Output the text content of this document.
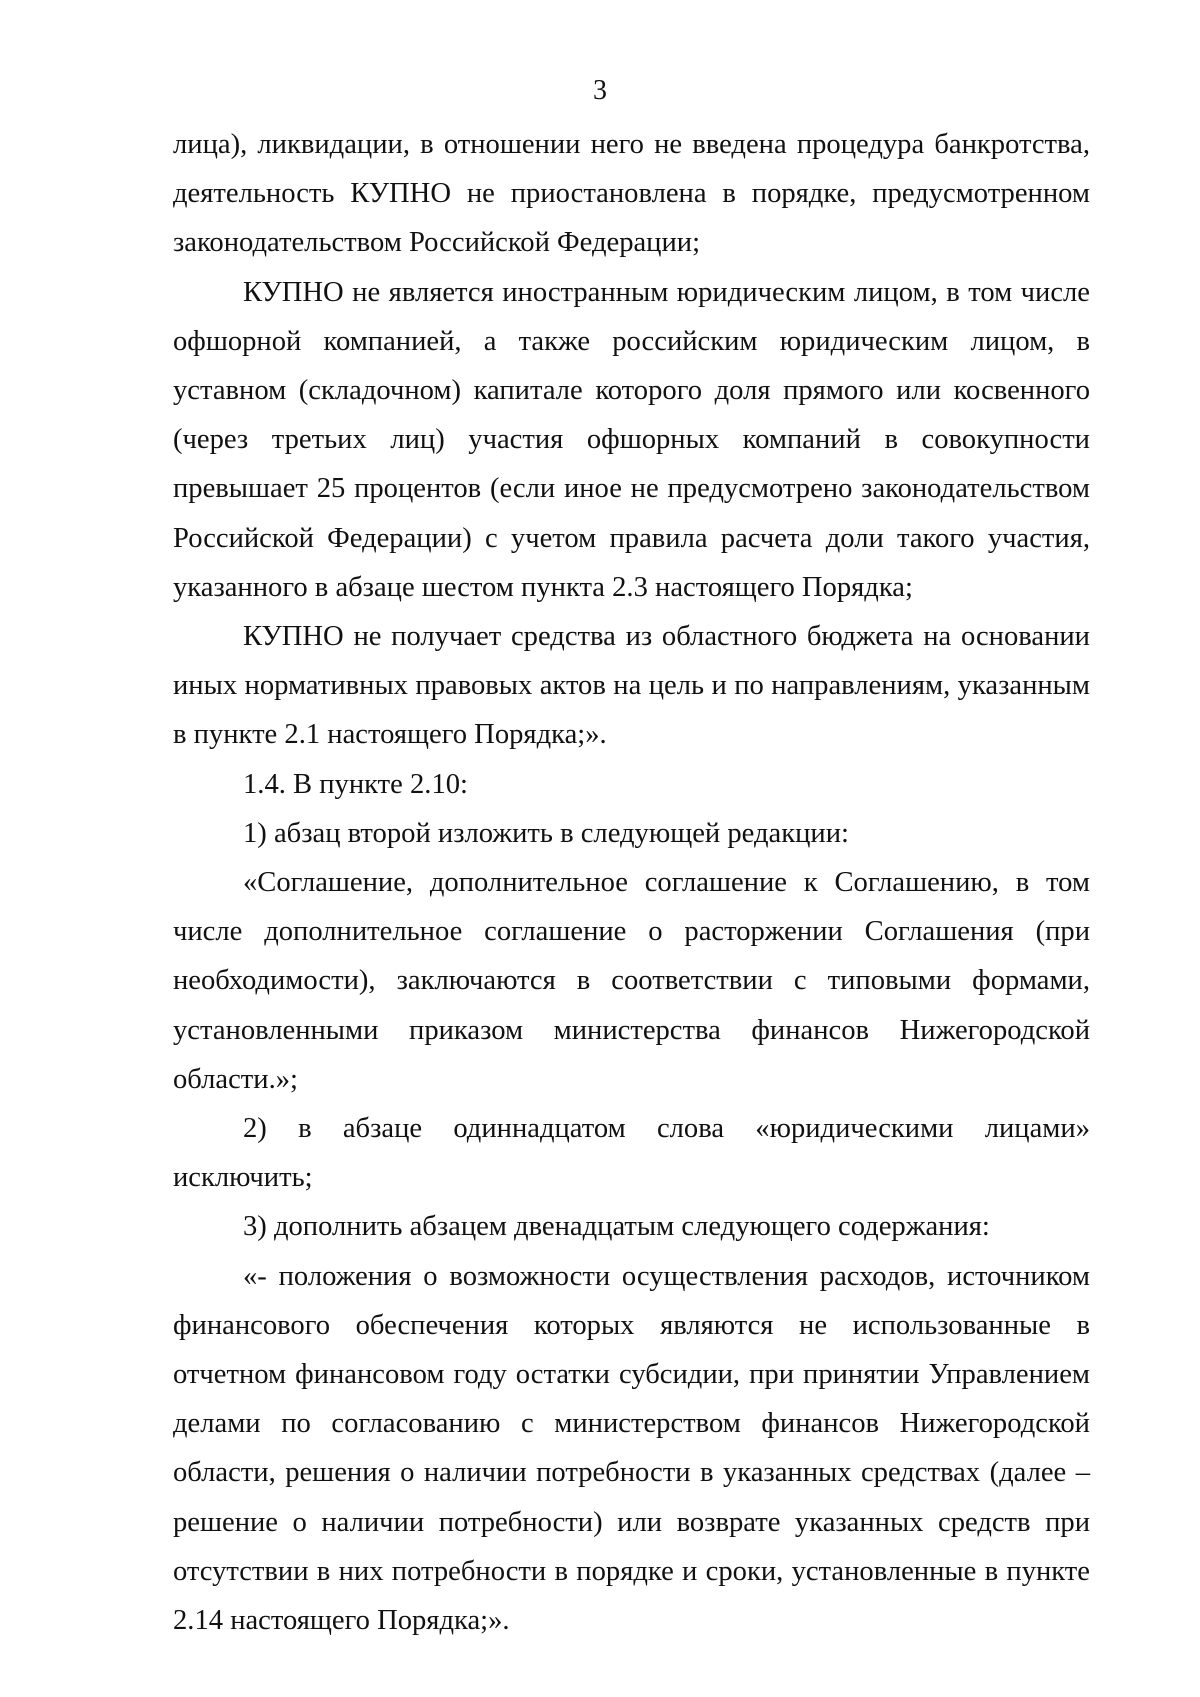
3

лица), ликвидации, в отношении него не введена процедура банкротства, деятельность КУПНО не приостановлена в порядке, предусмотренном законодательством Российской Федерации;

КУПНО не является иностранным юридическим лицом, в том числе офшорной компанией, а также российским юридическим лицом, в уставном (складочном) капитале которого доля прямого или косвенного (через третьих лиц) участия офшорных компаний в совокупности превышает 25 процентов (если иное не предусмотрено законодательством Российской Федерации) с учетом правила расчета доли такого участия, указанного в абзаце шестом пункта 2.3 настоящего Порядка;

КУПНО не получает средства из областного бюджета на основании иных нормативных правовых актов на цель и по направлениям, указанным в пункте 2.1 настоящего Порядка;».

1.4. В пункте 2.10:

1) абзац второй изложить в следующей редакции:

«Соглашение, дополнительное соглашение к Соглашению, в том числе дополнительное соглашение о расторжении Соглашения (при необходимости), заключаются в соответствии с типовыми формами, установленными приказом министерства финансов Нижегородской области.»;

2) в абзаце одиннадцатом слова «юридическими лицами» исключить;

3) дополнить абзацем двенадцатым следующего содержания:

«- положения о возможности осуществления расходов, источником финансового обеспечения которых являются не использованные в отчетном финансовом году остатки субсидии, при принятии Управлением делами по согласованию с министерством финансов Нижегородской области, решения о наличии потребности в указанных средствах (далее – решение о наличии потребности) или возврате указанных средств при отсутствии в них потребности в порядке и сроки, установленные в пункте 2.14 настоящего Порядка;».
